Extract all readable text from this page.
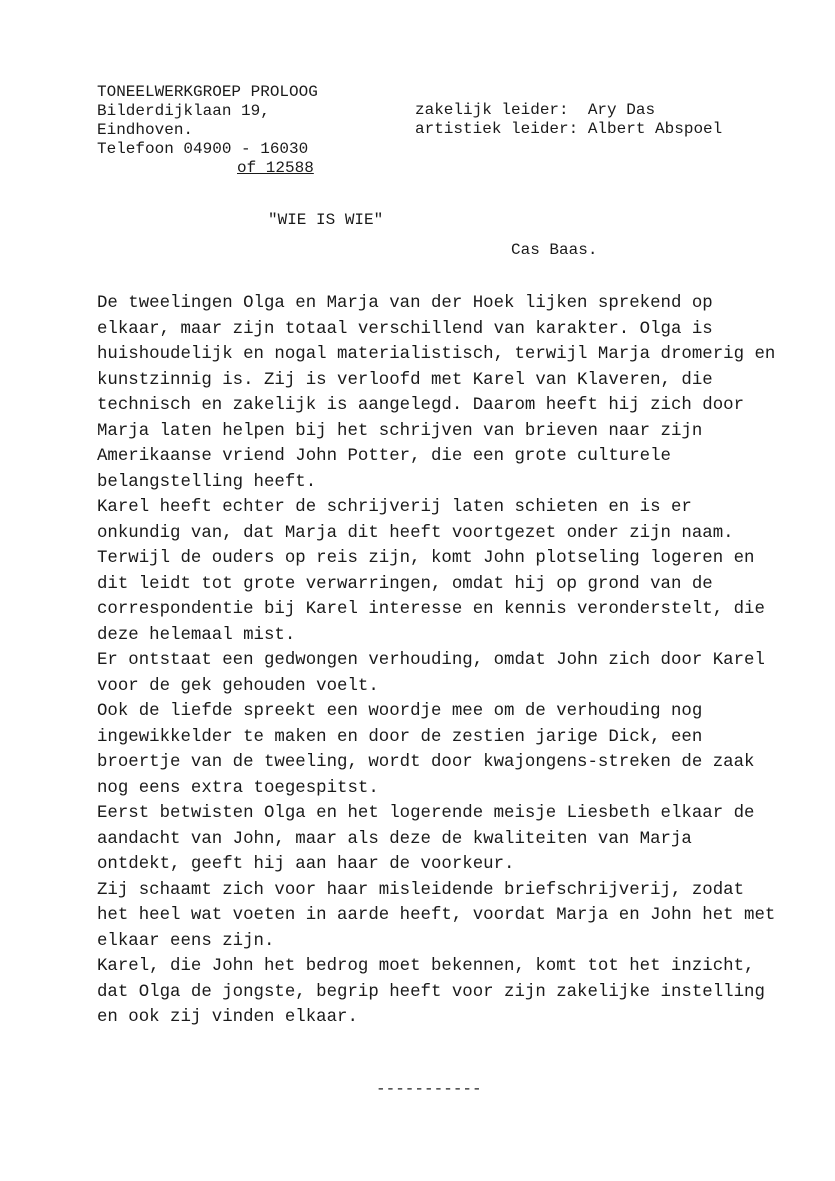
TONEELWERKGROEP PROLOOG
Bilderdijklaan 19,
Eindhoven.
Telefoon 04900 - 16030
of 12588
zakelijk leider:  Ary Das
artistiek leider: Albert Abspoel
"WIE IS WIE"
Cas Baas.
De tweelingen Olga en Marja van der Hoek lijken sprekend op
elkaar, maar zijn totaal verschillend van karakter. Olga is
huishoudelijk en nogal materialistisch, terwijl Marja dromerig en
kunstzinnig is. Zij is verloofd met Karel van Klaveren, die
technisch en zakelijk is aangelegd. Daarom heeft hij zich door
Marja laten helpen bij het schrijven van brieven naar zijn
Amerikaanse vriend John Potter, die een grote culturele
belangstelling heeft.
Karel heeft echter de schrijverij laten schieten en is er
onkundig van, dat Marja dit heeft voortgezet onder zijn naam.
Terwijl de ouders op reis zijn, komt John plotseling logeren en
dit leidt tot grote verwarringen, omdat hij op grond van de
correspondentie bij Karel interesse en kennis veronderstelt, die
deze helemaal mist.
Er ontstaat een gedwongen verhouding, omdat John zich door Karel
voor de gek gehouden voelt.
Ook de liefde spreekt een woordje mee om de verhouding nog
ingewikkelder te maken en door de zestien jarige Dick, een
broertje van de tweeling, wordt door kwajongens-streken de zaak
nog eens extra toegespitst.
Eerst betwisten Olga en het logerende meisje Liesbeth elkaar de
aandacht van John, maar als deze de kwaliteiten van Marja
ontdekt, geeft hij aan haar de voorkeur.
Zij schaamt zich voor haar misleidende briefschrijverij, zodat
het heel wat voeten in aarde heeft, voordat Marja en John het met
elkaar eens zijn.
Karel, die John het bedrog moet bekennen, komt tot het inzicht,
dat Olga de jongste, begrip heeft voor zijn zakelijke instelling
en ook zij vinden elkaar.
-----------
